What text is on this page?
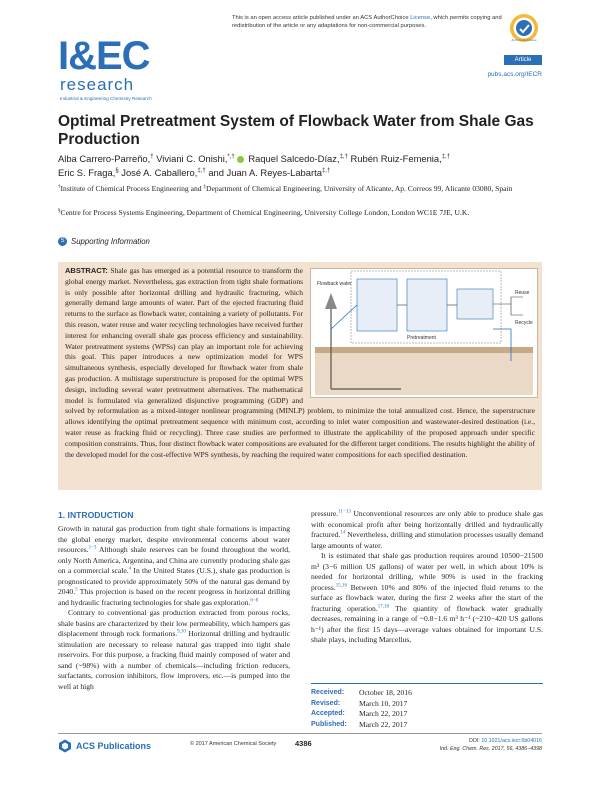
I&EC
research
Industrial & Engineering Chemistry Research
This is an open access article published under an ACS AuthorChoice License, which permits copying and redistribution of the article or any adaptations for non-commercial purposes.
ACS AuthorChoice
Article
pubs.acs.org/IECR
Optimal Pretreatment System of Flowback Water from Shale Gas Production
Alba Carrero-Parreño,† Viviani C. Onishi,*,† Raquel Salcedo-Díaz,‡,† Rubén Ruiz-Femenia,‡,†
Eric S. Fraga,§ José A. Caballero,‡,† and Juan A. Reyes-Labarta‡,†
†Institute of Chemical Process Engineering and ‡Department of Chemical Engineering, University of Alicante, Ap. Correos 99, Alicante 03080, Spain
§Centre for Process Systems Engineering, Department of Chemical Engineering, University College London, London WC1E 7JE, U.K.
S Supporting Information
ABSTRACT: Shale gas has emerged as a potential resource to transform the global energy market. Nevertheless, gas extraction from tight shale formations is only possible after horizontal drilling and hydraulic fracturing, which generally demand large amounts of water. Part of the ejected fracturing fluid returns to the surface as flowback water, containing a variety of pollutants. For this reason, water reuse and water recycling technologies have received further interest for enhancing overall shale gas process efficiency and sustainability. Water pretreatment systems (WPSs) can play an important role for achieving this goal. This paper introduces a new optimization model for WPS simultaneous synthesis, especially developed for flowback water from shale gas production. A multistage superstructure is proposed for the optimal WPS design, including several water pretreatment alternatives. The mathematical model is formulated via generalized disjunctive programming (GDP) and solved by reformulation as a mixed-integer nonlinear programming (MINLP) problem, to minimize the total annualized cost. Hence, the superstructure allows identifying the optimal pretreatment sequence with minimum cost, according to inlet water composition and wastewater-desired destination (i.e., water reuse as fracking fluid or recycling). Three case studies are performed to illustrate the applicability of the proposed approach under specific composition constraints. Thus, four distinct flowback water compositions are evaluated for the different target conditions. The results highlight the ability of the developed model for the cost-effective WPS synthesis, by reaching the required water compositions for each specified destination.
Flowback water
Pretreatment
Reuse
Recycle
1. INTRODUCTION

Growth in natural gas production from tight shale formations is impacting the global energy market, despite environmental concerns about water resources.$^{1-3}$ Although shale reserves can be found throughout the world, only North America, Argentina, and China are currently producing shale gas on a commercial scale.$^4$ In the United States (U.S.), shale gas production is prognosticated to provide approximately 50% of the natural gas demand by 2040.$^5$ This projection is based on the recent progress in horizontal drilling and hydraulic fracturing technologies for shale gas exploration.$^{6-8}$

Contrary to conventional gas production extracted from porous rocks, shale basins are characterized by their low permeability, which hampers gas displacement through rock formations.$^{9,10}$ Horizontal drilling and hydraulic stimulation are necessary to release natural gas trapped into tight shale reservoirs. For this purpose, a fracking fluid mainly composed of water and sand (~98%) with a number of chemicals—including friction reducers, surfactants, corrosion inhibitors, flow improvers, etc.—is pumped into the well at high

pressure.$^{11-13}$ Unconventional resources are only able to produce shale gas with economical profit after being horizontally drilled and hydraulically fractured.$^{14}$ Nevertheless, drilling and stimulation processes usually demand large amounts of water.

It is estimated that shale gas production requires around 10500−21500 m³ (3−6 million US gallons) of water per well, in which about 10% is needed for horizontal drilling, while 90% is used in the fracking process.$^{15,16}$ Between 10% and 80% of the injected fluid returns to the surface as flowback water, during the first 2 weeks after the start of the fracturing operation.$^{17,18}$ The quantity of flowback water gradually decreases, remaining in a range of ~0.8−1.6 m³ h⁻¹ (~210−420 US gallons h⁻¹) after the first 15 days—average values obtained for important U.S. shale plays, including Marcellus,

Received:	October 18, 2016
Revised:	March 10, 2017
Accepted:	March 22, 2017
Published:	March 22, 2017
ACS Publications	© 2017 American Chemical Society 4386	DOI: 10.1021/acs.iecr.6b04016
Ind. Eng. Chem. Res. 2017, 56, 4386−4398
